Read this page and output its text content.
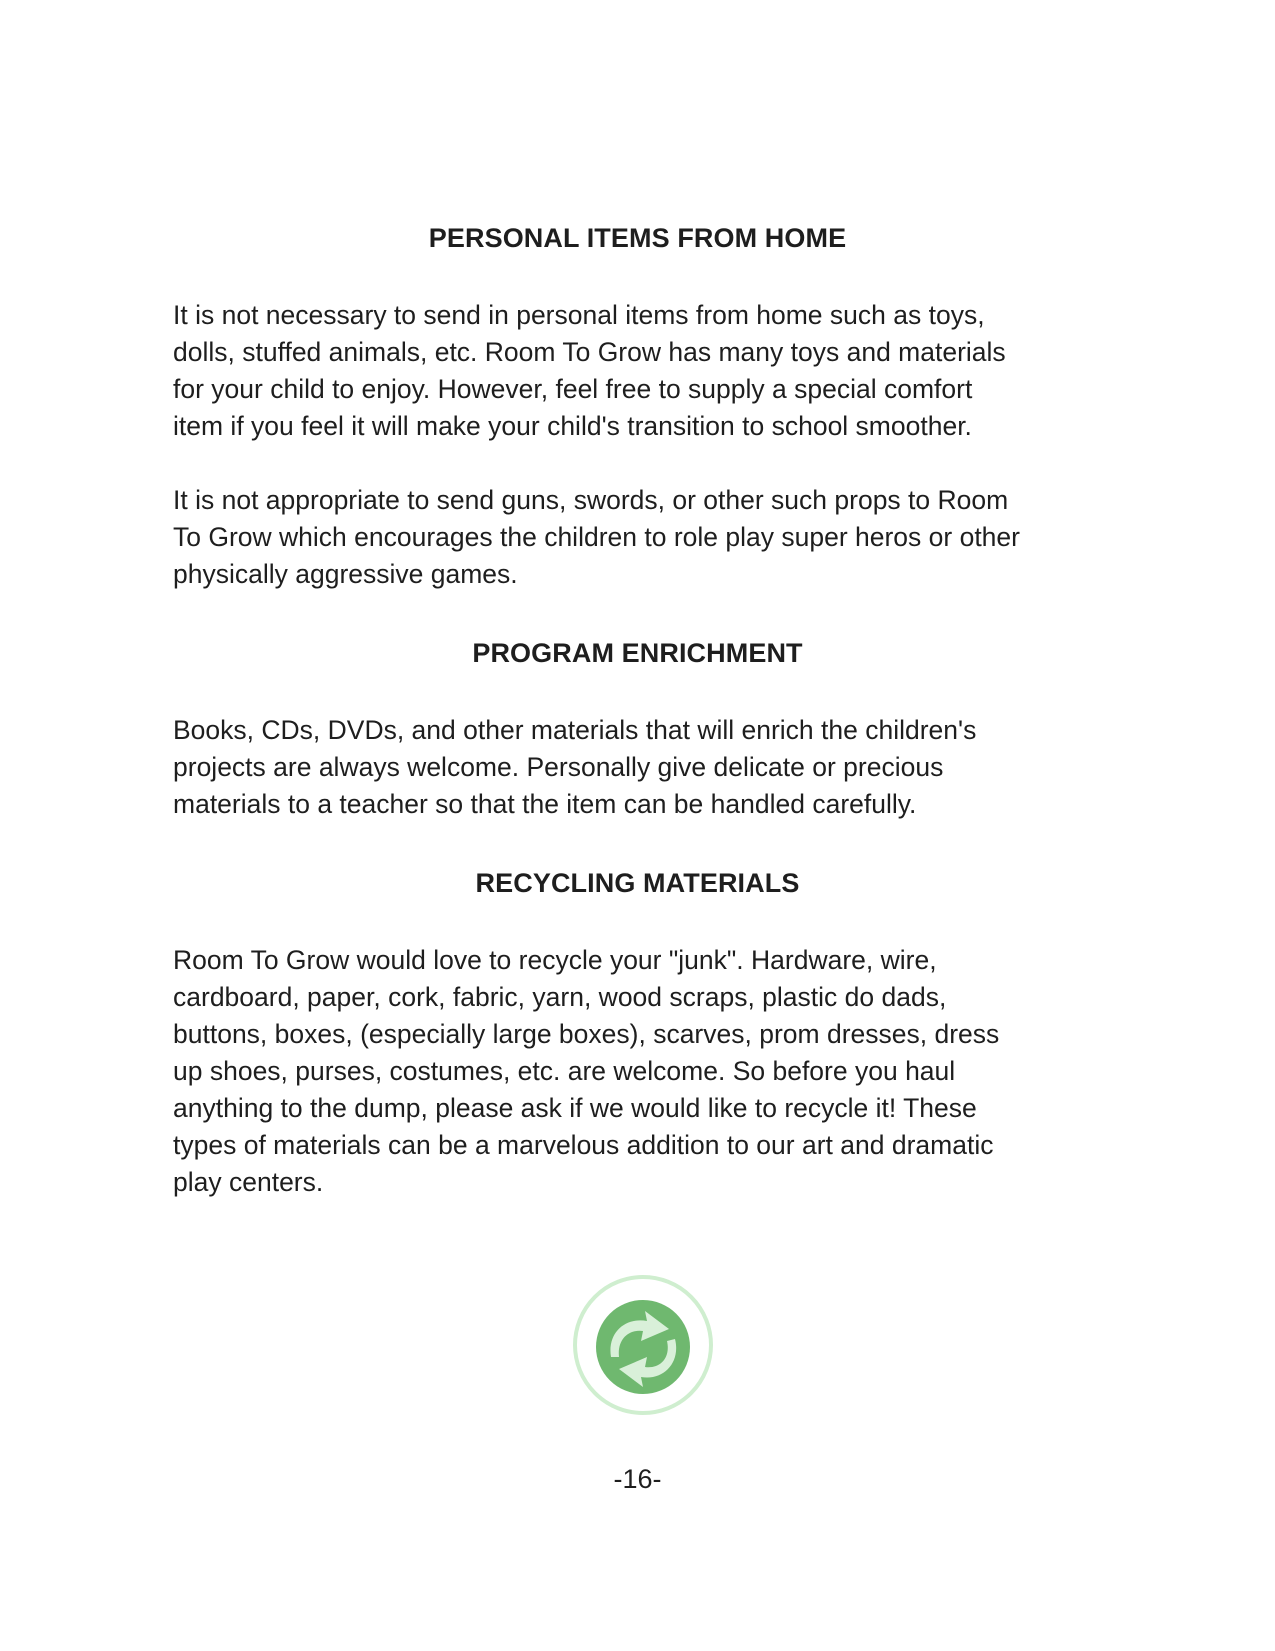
PERSONAL ITEMS FROM HOME
It is not necessary to send in personal items from home such as toys,
dolls, stuffed animals, etc. Room To Grow has many toys and materials
for your child to enjoy. However, feel free to supply a special comfort
item if you feel it will make your child's transition to school smoother.
It is not appropriate to send guns, swords, or other such props to Room
To Grow which encourages the children to role play super heros or other
physically aggressive games.
PROGRAM ENRICHMENT
Books, CDs, DVDs, and other materials that will enrich the children's
projects are always welcome. Personally give delicate or precious
materials to a teacher so that the item can be handled carefully.
RECYCLING MATERIALS
Room To Grow would love to recycle your "junk". Hardware, wire,
cardboard, paper, cork, fabric, yarn, wood scraps, plastic do dads,
buttons, boxes, (especially large boxes), scarves, prom dresses, dress
up shoes, purses, costumes, etc. are welcome. So before you haul
anything to the dump, please ask if we would like to recycle it! These
types of materials can be a marvelous addition to our art and dramatic
play centers.

-16-
